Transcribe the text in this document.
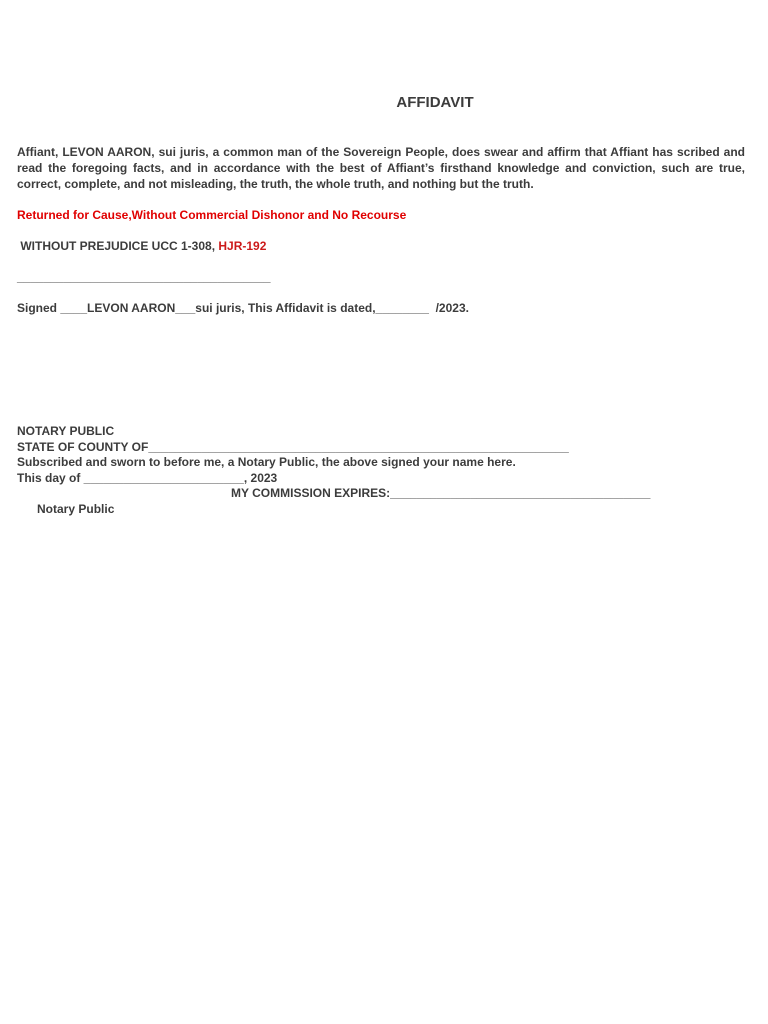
AFFIDAVIT
Affiant, LEVON AARON, sui juris, a common man of the Sovereign People, does swear and affirm that Affiant has scribed and read the foregoing facts, and in accordance with the best of Affiant’s firsthand knowledge and conviction, such are true, correct, complete, and not misleading, the truth, the whole truth, and nothing but the truth.
Returned for Cause,Without Commercial Dishonor and No Recourse
WITHOUT PREJUDICE UCC 1-308, HJR-192
______________________________________
Signed ____LEVON AARON___sui juris, This Affidavit is dated,________  /2023.
NOTARY PUBLIC
STATE OF COUNTY OF_______________________________________________________________
Subscribed and sworn to before me, a Notary Public, the above signed your name here.
This day of ________________________, 2023

Notary Public

MY COMMISSION EXPIRES:_______________________________________
